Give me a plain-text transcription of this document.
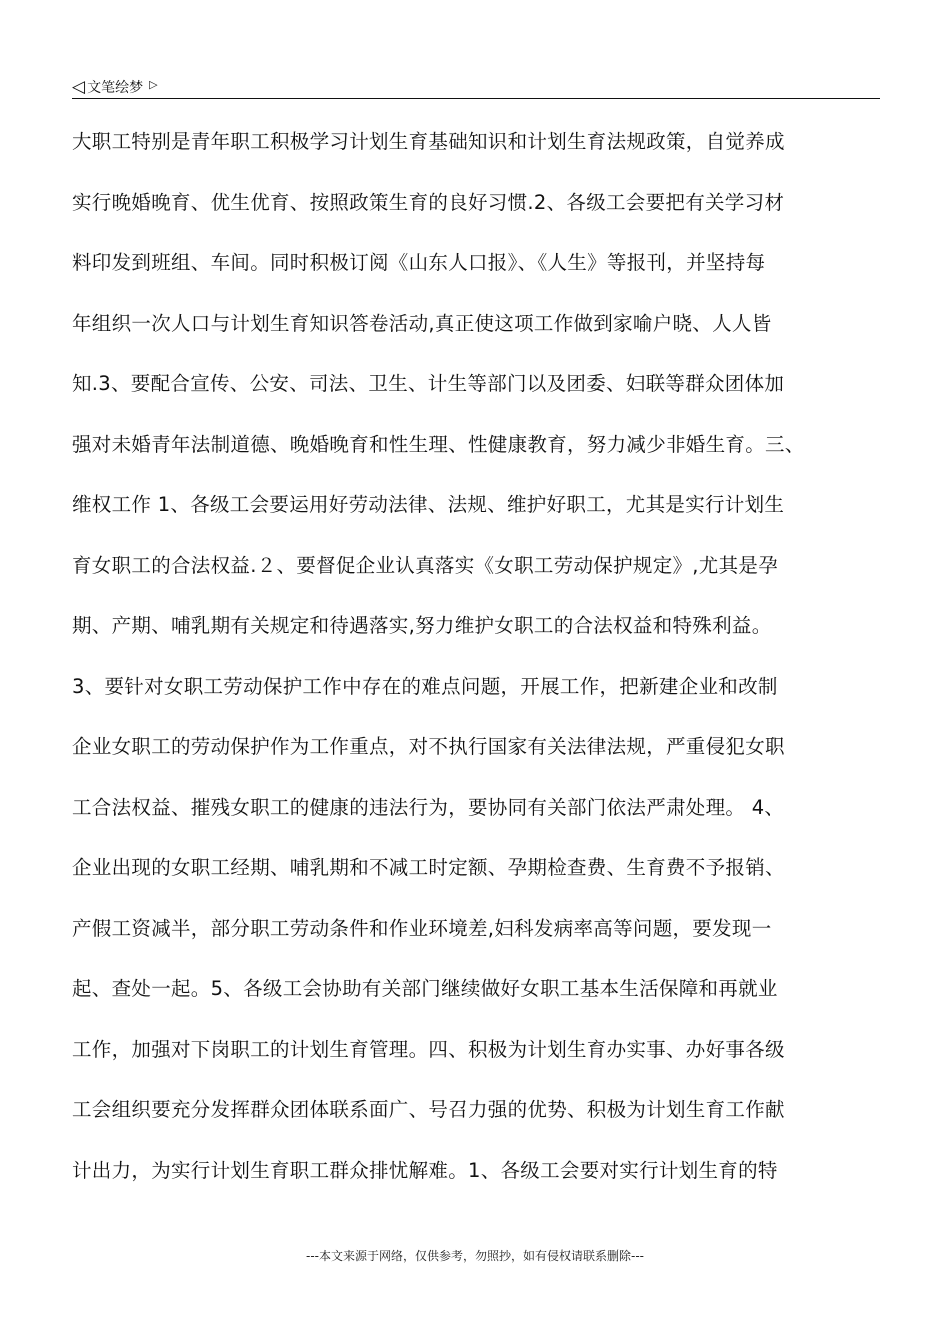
◁ 文笔绘梦 ▷
大职工特别是青年职工积极学习计划生育基础知识和计划生育法规政策，自觉养成
实行晚婚晚育、优生优育、按照政策生育的良好习惯.2、各级工会要把有关学习材
料印发到班组、车间。同时积极订阅《山东人口报》、《人生》等报刊，并坚持每
年组织一次人口与计划生育知识答卷活动,真正使这项工作做到家喻户晓、人人皆
知.3、要配合宣传、公安、司法、卫生、计生等部门以及团委、妇联等群众团体加
强对未婚青年法制道德、晚婚晚育和性生理、性健康教育，努力减少非婚生育。三、
维权工作 1、各级工会要运用好劳动法律、法规、维护好职工，尤其是实行计划生
育女职工的合法权益.２、要督促企业认真落实《女职工劳动保护规定》,尤其是孕
期、产期、哺乳期有关规定和待遇落实,努力维护女职工的合法权益和特殊利益。
3、要针对女职工劳动保护工作中存在的难点问题，开展工作，把新建企业和改制
企业女职工的劳动保护作为工作重点，对不执行国家有关法律法规，严重侵犯女职
工合法权益、摧残女职工的健康的违法行为，要协同有关部门依法严肃处理。 4、
企业出现的女职工经期、哺乳期和不减工时定额、孕期检查费、生育费不予报销、
产假工资减半，部分职工劳动条件和作业环境差,妇科发病率高等问题，要发现一
起、查处一起。5、各级工会协助有关部门继续做好女职工基本生活保障和再就业
工作，加强对下岗职工的计划生育管理。四、积极为计划生育办实事、办好事各级
工会组织要充分发挥群众团体联系面广、号召力强的优势、积极为计划生育工作献
计出力，为实行计划生育职工群众排忧解难。1、各级工会要对实行计划生育的特
---本文来源于网络，仅供参考，勿照抄，如有侵权请联系删除---
